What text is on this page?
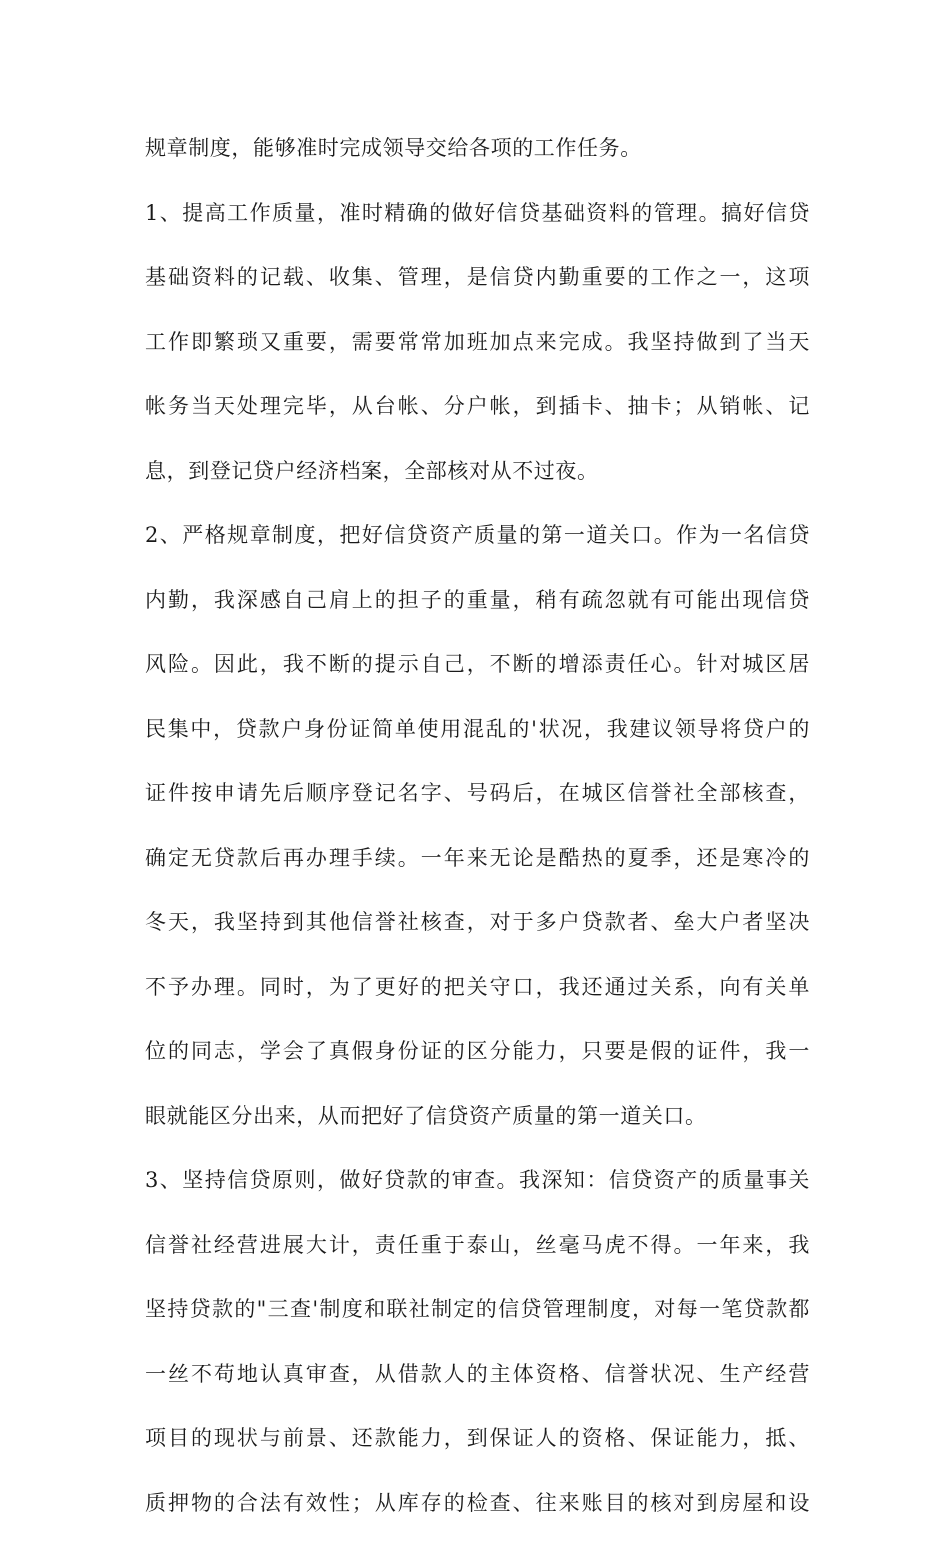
规章制度，能够准时完成领导交给各项的工作任务。
1、提高工作质量，准时精确的做好信贷基础资料的管理。搞好信贷
基础资料的记载、收集、管理，是信贷内勤重要的工作之一，这项
工作即繁琐又重要，需要常常加班加点来完成。我坚持做到了当天
帐务当天处理完毕，从台帐、分户帐，到插卡、抽卡；从销帐、记
息，到登记贷户经济档案，全部核对从不过夜。
2、严格规章制度，把好信贷资产质量的第一道关口。作为一名信贷
内勤，我深感自己肩上的担子的重量，稍有疏忽就有可能出现信贷
风险。因此，我不断的提示自己，不断的增添责任心。针对城区居
民集中，贷款户身份证简单使用混乱的'状况，我建议领导将贷户的
证件按申请先后顺序登记名字、号码后，在城区信誉社全部核查，
确定无贷款后再办理手续。一年来无论是酷热的夏季，还是寒冷的
冬天，我坚持到其他信誉社核查，对于多户贷款者、垒大户者坚决
不予办理。同时，为了更好的把关守口，我还通过关系，向有关单
位的同志，学会了真假身份证的区分能力，只要是假的证件，我一
眼就能区分出来，从而把好了信贷资产质量的第一道关口。
3、坚持信贷原则，做好贷款的审查。我深知：信贷资产的质量事关
信誉社经营进展大计，责任重于泰山，丝毫马虎不得。一年来，我
坚持贷款的"三查'制度和联社制定的信贷管理制度，对每一笔贷款都
一丝不苟地认真审查，从借款人的主体资格、信誉状况、生产经营
项目的现状与前景、还款能力，到保证人的资格、保证能力，抵、
质押物的合法有效性；从库存的检查、往来账目的核对到房屋和设
